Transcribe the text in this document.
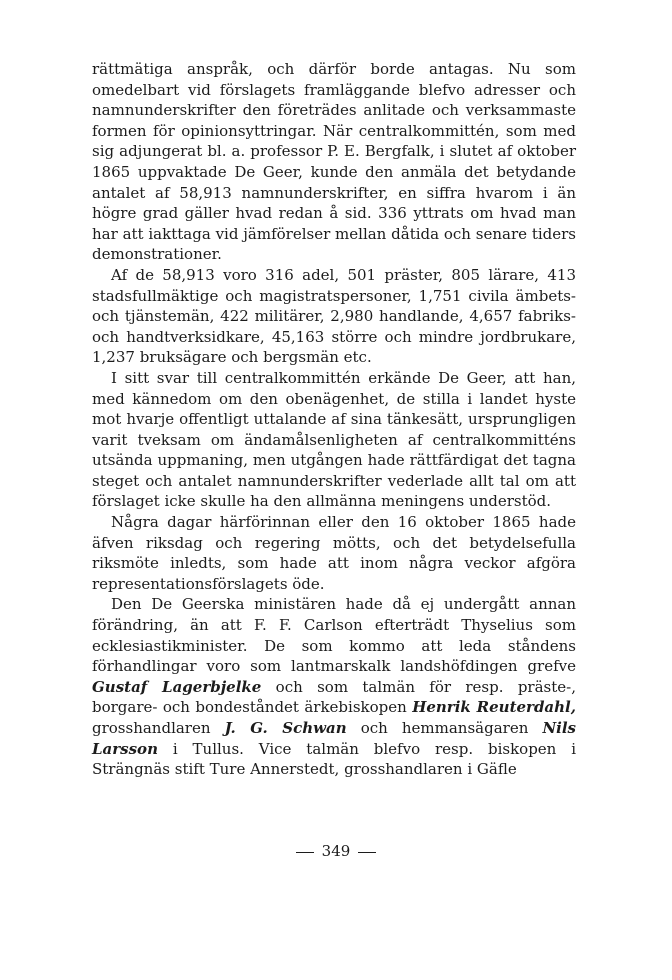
rättmätiga anspråk, och därför borde antagas. Nu som omedelbart vid förslagets framläggande blefvo adresser och namnunderskrifter den företrädes anlitade och verksammaste formen för opinionsyttringar. När centralkommittén, som med sig adjungerat bl. a. professor P. E. Bergfalk, i slutet af oktober 1865 uppvaktade De Geer, kunde den anmäla det betydande antalet af 58,913 namnunderskrifter, en siffra hvarom i än högre grad gäller hvad redan å sid. 336 yttrats om hvad man har att iakttaga vid jämförelser mellan dåtida och senare tiders demonstrationer.

Af de 58,913 voro 316 adel, 501 präster, 805 lärare, 413 stadsfullmäktige och magistratspersoner, 1,751 civila ämbets- och tjänstemän, 422 militärer, 2,980 handlande, 4,657 fabriks- och handtverksidkare, 45,163 större och mindre jordbrukare, 1,237 bruksägare och bergsmän etc.

I sitt svar till centralkommittén erkände De Geer, att han, med kännedom om den obenägenhet, de stilla i landet hyste mot hvarje offentligt uttalande af sina tänkesätt, ursprungligen varit tveksam om ändamålsenligheten af centralkommitténs utsända uppmaning, men utgången hade rättfärdigat det tagna steget och antalet namnunderskrifter vederlade allt tal om att förslaget icke skulle ha den allmänna meningens understöd.

Några dagar härförinnan eller den 16 oktober 1865 hade äfven riksdag och regering mötts, och det betydelsefulla riksmöte inledts, som hade att inom några veckor afgöra representationsförslagets öde.

Den De Geerska ministären hade då ej undergått annan förändring, än att F. F. Carlson efterträdt Thyselius som ecklesiastikminister. De som kommo att leda ståndens förhandlingar voro som lantmarskalk landshöfdingen grefve Gustaf Lagerbjelke och som talmän för resp. präste-, borgare- och bondeståndet ärkebiskopen Henrik Reuterdahl, grosshandlaren J. G. Schwan och hemmansägaren Nils Larsson i Tullus. Vice talmän blefvo resp. biskopen i Strängnäs stift Ture Annerstedt, grosshandlaren i Gäfle

349
